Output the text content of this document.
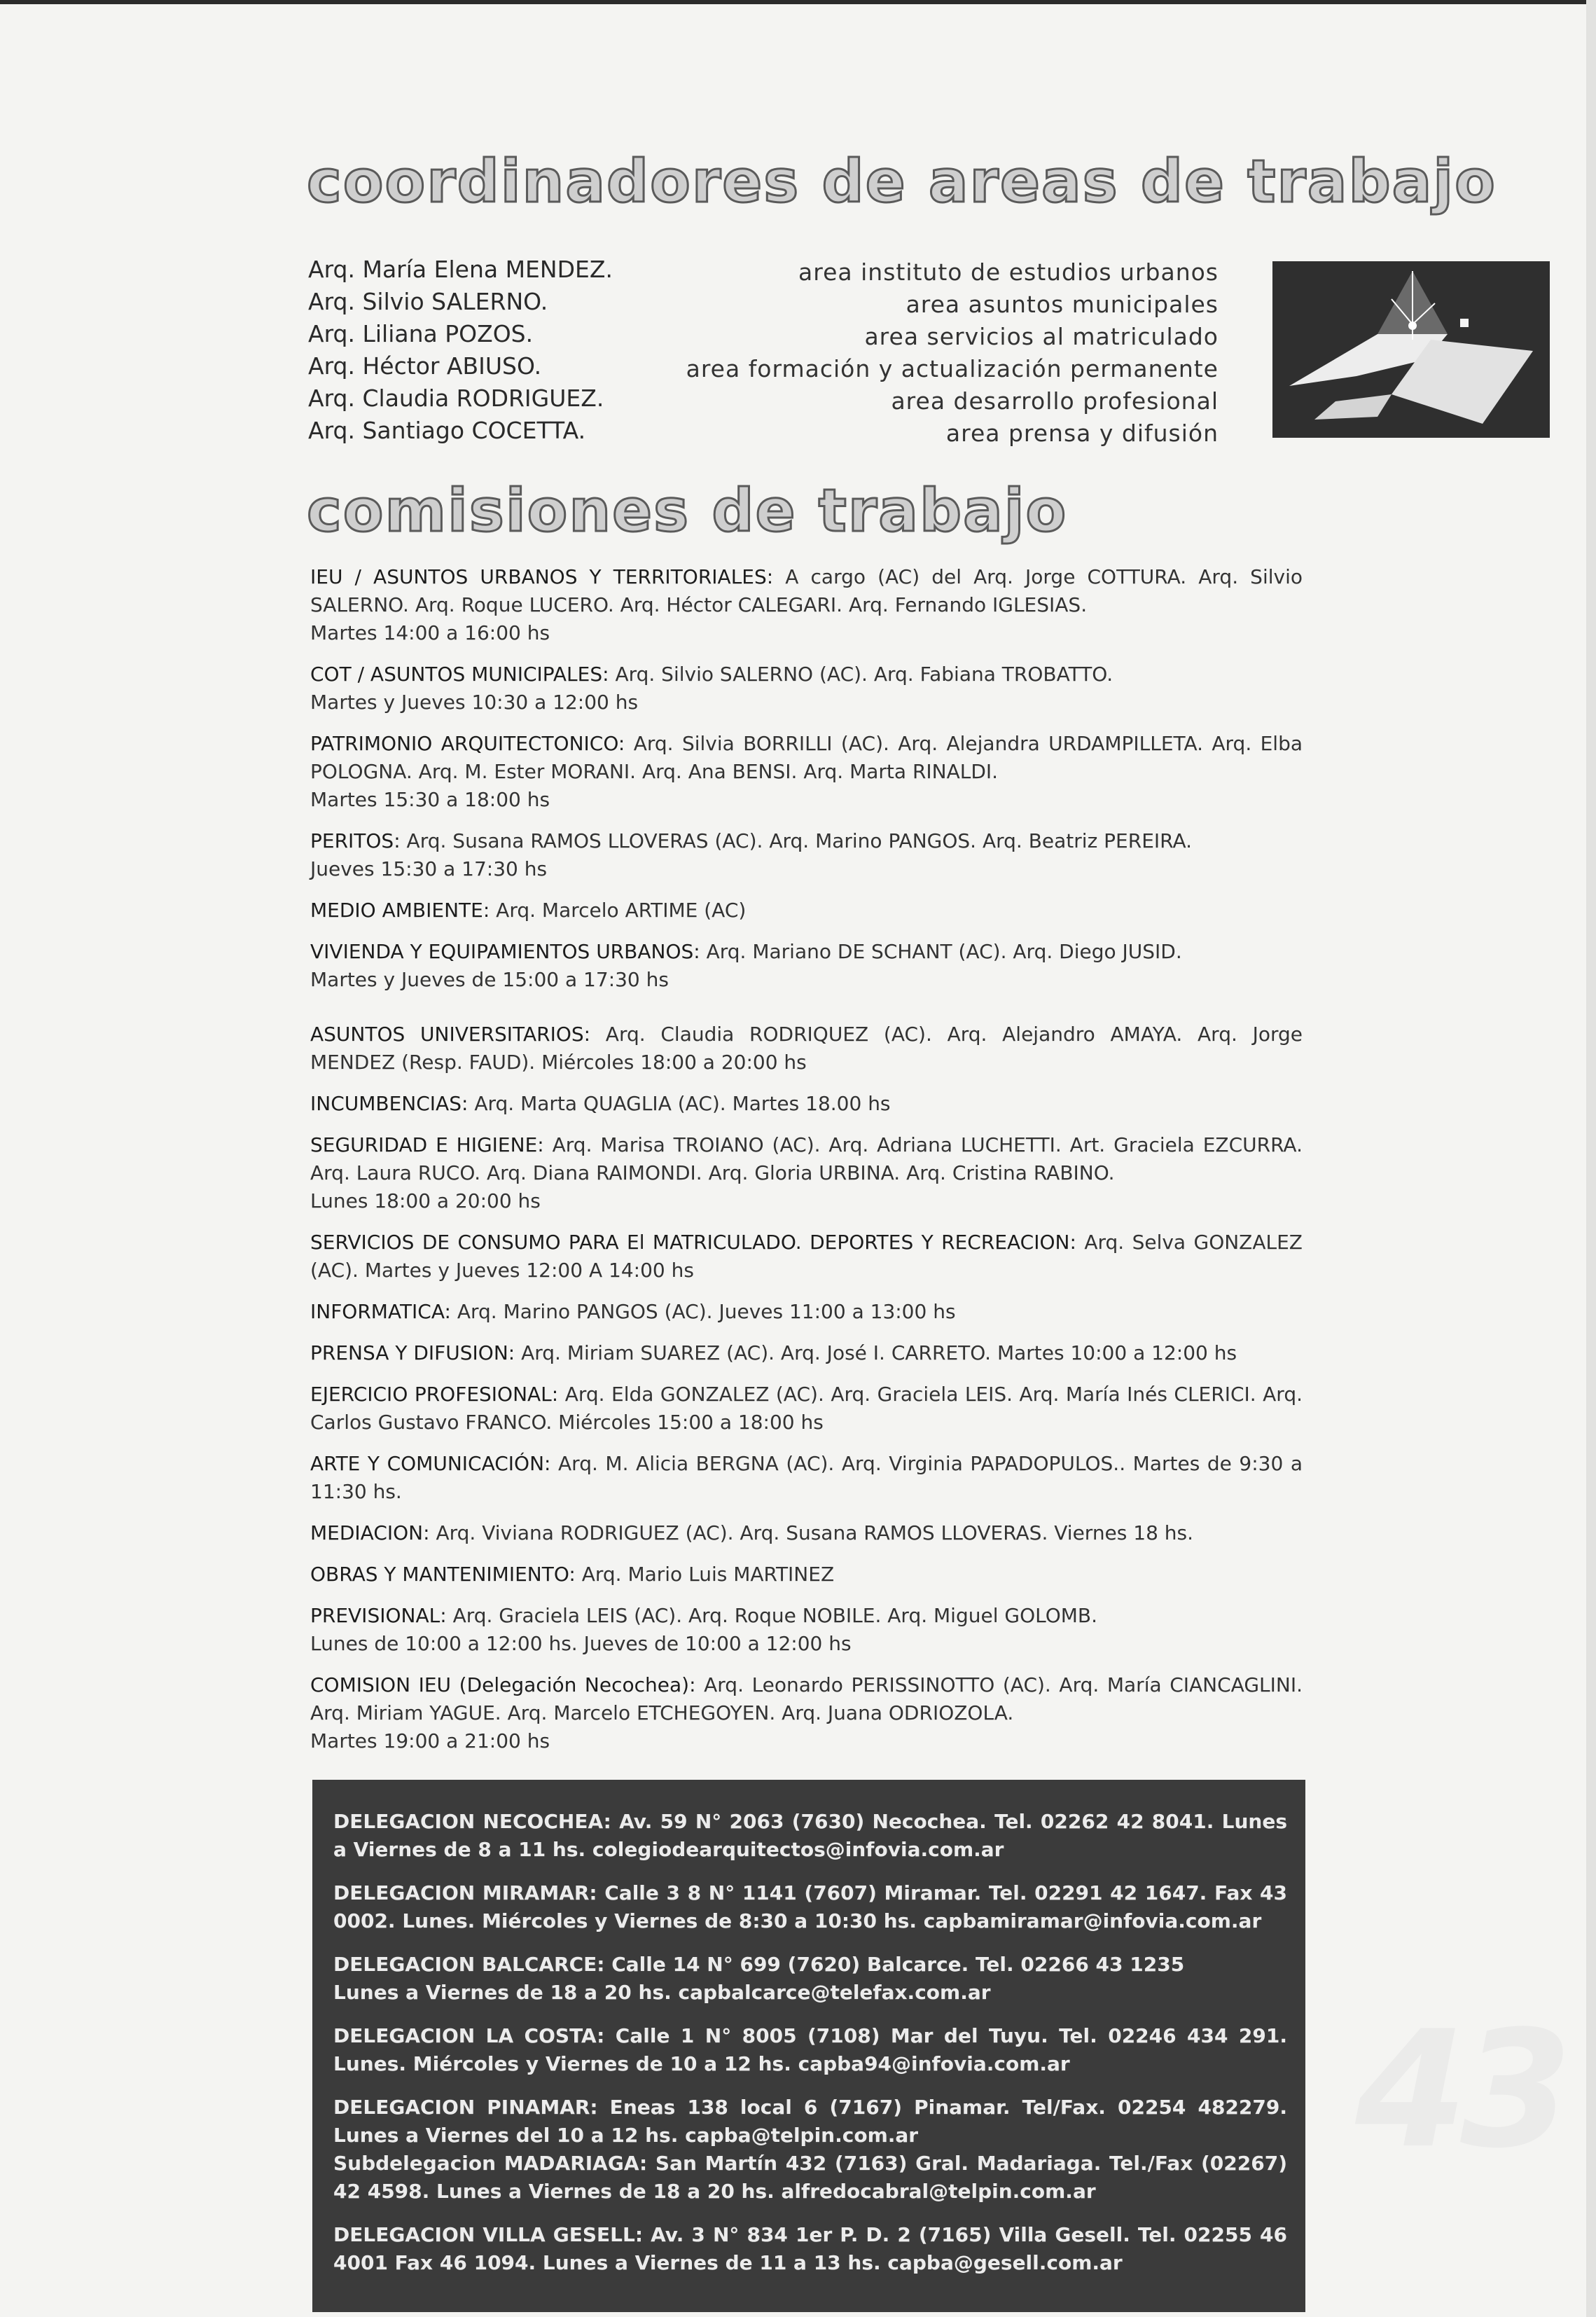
coordinadores de areas de trabajo
Arq. María Elena MENDEZ.
Arq. Silvio SALERNO.
Arq. Liliana POZOS.
Arq. Héctor ABIUSO.
Arq. Claudia RODRIGUEZ.
Arq. Santiago COCETTA.
area instituto de estudios urbanos
area asuntos municipales
area servicios al matriculado
area formación y actualización permanente
area desarrollo profesional
area prensa y difusión
comisiones de trabajo

IEU / ASUNTOS URBANOS Y TERRITORIALES: A cargo (AC) del Arq. Jorge COTTURA. Arq. Silvio SALERNO. Arq. Roque LUCERO. Arq. Héctor CALEGARI. Arq. Fernando IGLESIAS.
Martes 14:00 a 16:00 hs

COT / ASUNTOS MUNICIPALES: Arq. Silvio SALERNO (AC). Arq. Fabiana TROBATTO.
Martes y Jueves 10:30 a 12:00 hs

PATRIMONIO ARQUITECTONICO: Arq. Silvia BORRILLI (AC). Arq. Alejandra URDAMPILLETA. Arq. Elba POLOGNA. Arq. M. Ester MORANI. Arq. Ana BENSI. Arq. Marta RINALDI.
Martes 15:30 a 18:00 hs

PERITOS: Arq. Susana RAMOS LLOVERAS (AC). Arq. Marino PANGOS. Arq. Beatriz PEREIRA.
Jueves 15:30 a 17:30 hs

MEDIO AMBIENTE: Arq. Marcelo ARTIME (AC)

VIVIENDA Y EQUIPAMIENTOS URBANOS: Arq. Mariano DE SCHANT (AC). Arq. Diego JUSID.
Martes y Jueves de 15:00 a 17:30 hs

ASUNTOS UNIVERSITARIOS: Arq. Claudia RODRIQUEZ (AC). Arq. Alejandro AMAYA. Arq. Jorge MENDEZ (Resp. FAUD). Miércoles 18:00 a 20:00 hs

INCUMBENCIAS: Arq. Marta QUAGLIA (AC). Martes 18.00 hs

SEGURIDAD E HIGIENE: Arq. Marisa TROIANO (AC). Arq. Adriana LUCHETTI. Art. Graciela EZCURRA. Arq. Laura RUCO. Arq. Diana RAIMONDI. Arq. Gloria URBINA. Arq. Cristina RABINO.
Lunes 18:00 a 20:00 hs

SERVICIOS DE CONSUMO PARA El MATRICULADO. DEPORTES Y RECREACION: Arq. Selva GONZALEZ (AC). Martes y Jueves 12:00 A 14:00 hs

INFORMATICA: Arq. Marino PANGOS (AC). Jueves 11:00 a 13:00 hs

PRENSA Y DIFUSION: Arq. Miriam SUAREZ (AC). Arq. José I. CARRETO. Martes 10:00 a 12:00 hs

EJERCICIO PROFESIONAL: Arq. Elda GONZALEZ (AC). Arq. Graciela LEIS. Arq. María Inés CLERICI. Arq. Carlos Gustavo FRANCO. Miércoles 15:00 a 18:00 hs

ARTE Y COMUNICACIÓN: Arq. M. Alicia BERGNA (AC). Arq. Virginia PAPADOPULOS.. Martes de 9:30 a 11:30 hs.

MEDIACION: Arq. Viviana RODRIGUEZ (AC). Arq. Susana RAMOS LLOVERAS. Viernes 18 hs.

OBRAS Y MANTENIMIENTO: Arq. Mario Luis MARTINEZ

PREVISIONAL: Arq. Graciela LEIS (AC). Arq. Roque NOBILE. Arq. Miguel GOLOMB.
Lunes de 10:00 a 12:00 hs. Jueves de 10:00 a 12:00 hs

COMISION IEU (Delegación Necochea): Arq. Leonardo PERISSINOTTO (AC). Arq. María CIANCAGLINI. Arq. Miriam YAGUE. Arq. Marcelo ETCHEGOYEN. Arq. Juana ODRIOZOLA.
Martes 19:00 a 21:00 hs

DELEGACION NECOCHEA: Av. 59 N° 2063 (7630) Necochea. Tel. 02262 42 8041. Lunes a Viernes de 8 a 11 hs. colegiodearquitectos@infovia.com.ar

DELEGACION MIRAMAR: Calle 3 8 N° 1141 (7607) Miramar. Tel. 02291 42 1647. Fax 43 0002. Lunes. Miércoles y Viernes de 8:30 a 10:30 hs. capbamiramar@infovia.com.ar

DELEGACION BALCARCE: Calle 14 N° 699 (7620) Balcarce. Tel. 02266 43 1235

Lunes a Viernes de 18 a 20 hs. capbalcarce@telefax.com.ar

DELEGACION LA COSTA: Calle 1 N° 8005 (7108) Mar del Tuyu. Tel. 02246 434 291. Lunes. Miércoles y Viernes de 10 a 12 hs. capba94@infovia.com.ar

DELEGACION PINAMAR: Eneas 138 local 6 (7167) Pinamar. Tel/Fax. 02254 482279. Lunes a Viernes del 10 a 12 hs. capba@telpin.com.ar

Subdelegacion MADARIAGA: San Martín 432 (7163) Gral. Madariaga. Tel./Fax (02267) 42 4598. Lunes a Viernes de 18 a 20 hs. alfredocabral@telpin.com.ar

DELEGACION VILLA GESELL: Av. 3 N° 834 1er P. D. 2 (7165) Villa Gesell. Tel. 02255 46 4001 Fax 46 1094. Lunes a Viernes de 11 a 13 hs. capba@gesell.com.ar

43
